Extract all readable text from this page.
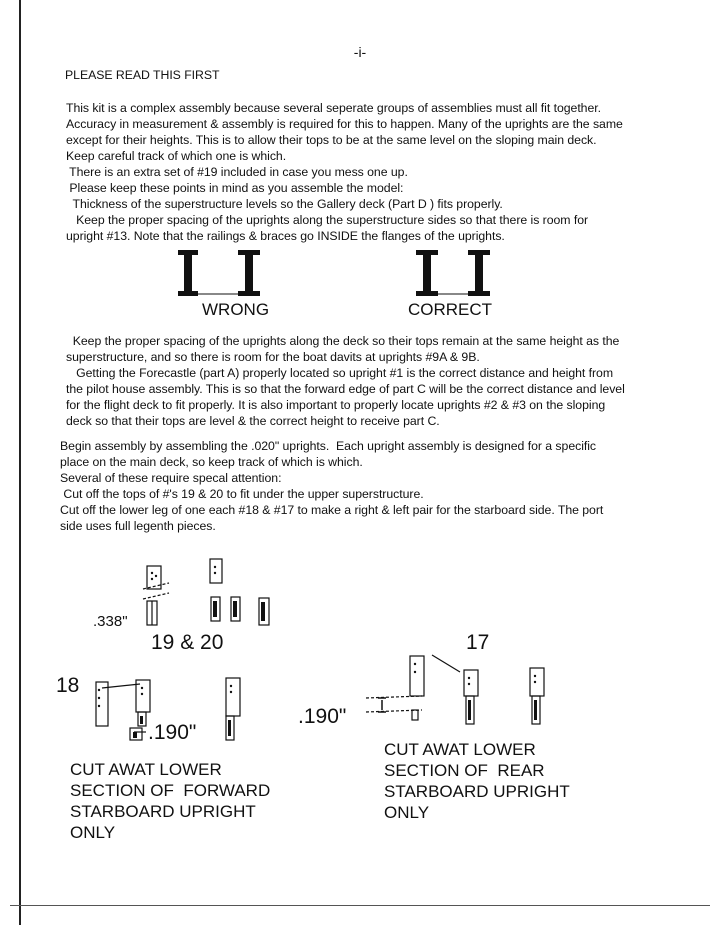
-i-
PLEASE READ THIS FIRST
This kit is a complex assembly because several seperate groups of assemblies must all fit together.
Accuracy in measurement & assembly is required for this to happen. Many of the uprights are the same
except for their heights. This is to allow their tops to be at the same level on the sloping main deck.
Keep careful track of which one is which.
There is an extra set of #19 included in case you mess one up.
Please keep these points in mind as you assemble the model:
Thickness of the superstructure levels so the Gallery deck (Part D ) fits properly.
Keep the proper spacing of the uprights along the superstructure sides so that there is room for
upright #13. Note that the railings & braces go INSIDE the flanges of the uprights.
WRONG	CORRECT
Keep the proper spacing of the uprights along the deck so their tops remain at the same height as the
superstructure, and so there is room for the boat davits at uprights #9A & 9B.
Getting the Forecastle (part A) properly located so upright #1 is the correct distance and height from
the pilot house assembly. This is so that the forward edge of part C will be the correct distance and level
for the flight deck to fit properly. It is also important to properly locate uprights #2 & #3 on the sloping
deck so that their tops are level & the correct height to receive part C.
Begin assembly by assembling the .020" uprights.  Each upright assembly is designed for a specific
place on the main deck, so keep track of which is which.
Several of these require specal attention:
Cut off the tops of #'s 19 & 20 to fit under the upper superstructure.
Cut off the lower leg of one each #18 & #17 to make a right & left pair for the starboard side. The port
side uses full legenth pieces.
.338"
19 & 20
18
.190"
17
.190"
CUT AWAT LOWER
SECTION OF  FORWARD
STARBOARD UPRIGHT
ONLY
CUT AWAT LOWER
SECTION OF  REAR
STARBOARD UPRIGHT
ONLY
